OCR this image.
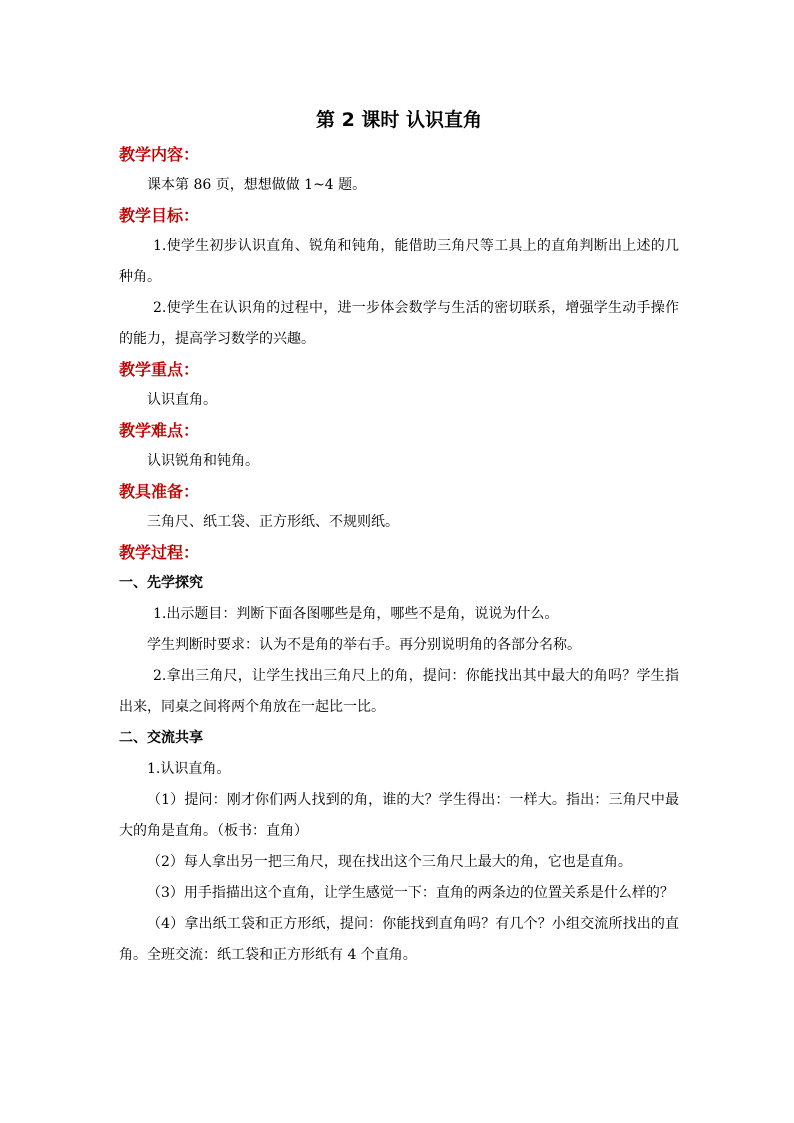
第 2 课时 认识直角

教学内容：

课本第 86 页，想想做做 1~4 题。

教学目标：

1.使学生初步认识直角、锐角和钝角，能借助三角尺等工具上的直角判断出上述的几种角。

2.使学生在认识角的过程中，进一步体会数学与生活的密切联系，增强学生动手操作的能力，提高学习数学的兴趣。

教学重点：

认识直角。

教学难点：

认识锐角和钝角。

教具准备：

三角尺、纸工袋、正方形纸、不规则纸。

教学过程：

一、先学探究

1.出示题目：判断下面各图哪些是角，哪些不是角，说说为什么。

学生判断时要求：认为不是角的举右手。再分别说明角的各部分名称。

2.拿出三角尺，让学生找出三角尺上的角，提问：你能找出其中最大的角吗？学生指出来，同桌之间将两个角放在一起比一比。

二、交流共享

1.认识直角。

（1）提问：刚才你们两人找到的角，谁的大？学生得出：一样大。指出：三角尺中最大的角是直角。（板书：直角）

（2）每人拿出另一把三角尺，现在找出这个三角尺上最大的角，它也是直角。

（3）用手指描出这个直角，让学生感觉一下：直角的两条边的位置关系是什么样的？

（4）拿出纸工袋和正方形纸，提问：你能找到直角吗？有几个？小组交流所找出的直角。全班交流：纸工袋和正方形纸有 4 个直角。
